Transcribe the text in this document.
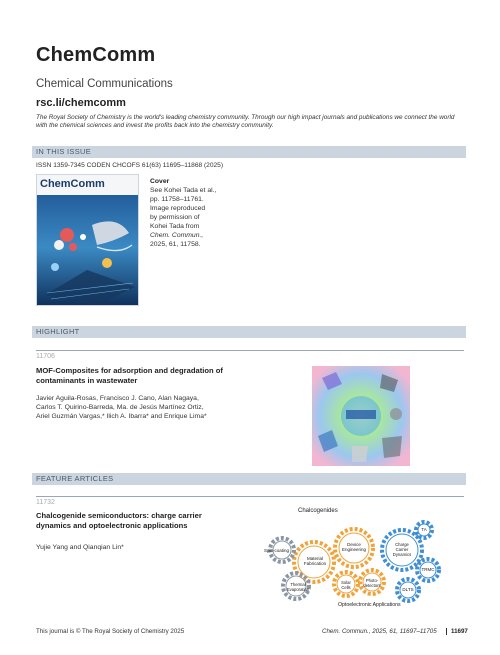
ChemComm
Chemical Communications
rsc.li/chemcomm
The Royal Society of Chemistry is the world's leading chemistry community. Through our high impact journals and publications we connect the world with the chemical sciences and invest the profits back into the chemistry community.
IN THIS ISSUE
ISSN 1359-7345 CODEN CHCOFS 61(63) 11695–11868 (2025)
ChemComm	Cover
See Kohei Tada et al.,
pp. 11758–11761.
Image reproduced
by permission of
Kohei Tada from
Chem. Commun.,
2025, 61, 11758.
HIGHLIGHT
11706
MOF-Composites for adsorption and degradation of
contaminants in wastewater
Javier Aguila-Rosas, Francisco J. Cano, Alan Nagaya,
Carlos T. Quirino-Barreda, Ma. de Jesús Martínez Ortiz,
Ariel Guzmán Vargas,* Ilich A. Ibarra* and Enrique Lima*
FEATURE ARTICLES
11732
Chalcogenide semiconductors: charge carrier
dynamics and optoelectronic applications
Yujie Yang and Qianqian Lin*
Chalcogenides
Spin-coating
Material Fabrication
Thermal Evaporation
Device Engineering
Solar Cells
Photo-detectors
Charge Carrier Dynamics
TA
TRMC
DLTS
Optoelectronic Applications
This journal is © The Royal Society of Chemistry 2025	Chem. Commun., 2025, 61, 11697–11705	11697
